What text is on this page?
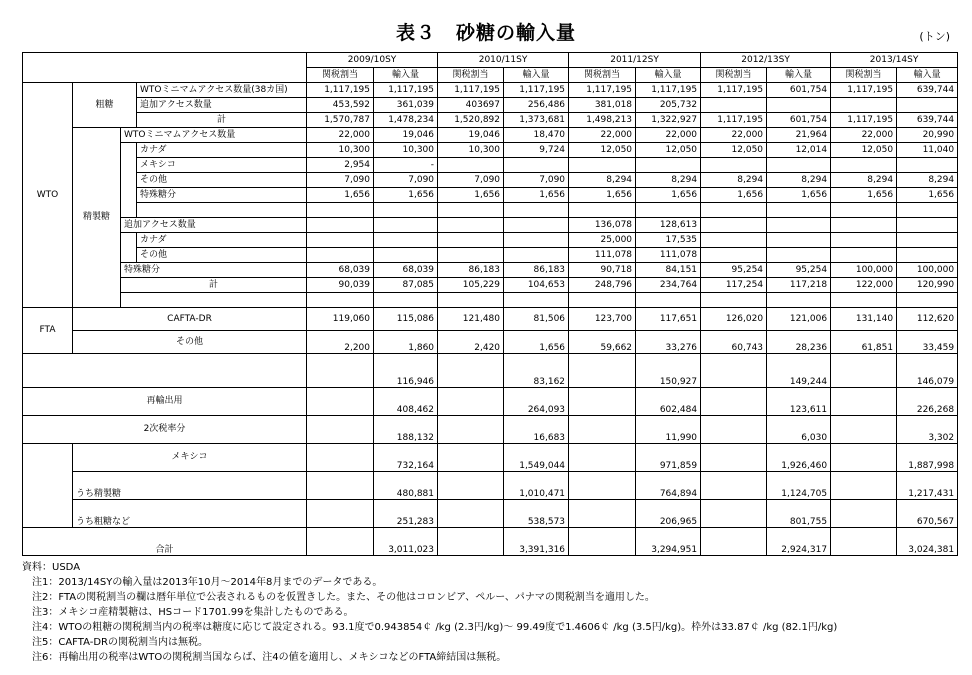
表３　砂糖の輸入量	(トン)
				2009/10SY		2010/11SY		2011/12SY		2012/13SY		2013/14SY	
				関税割当	輸入量	関税割当	輸入量	関税割当	輸入量	関税割当	輸入量	関税割当	輸入量
WTO	粗糖		WTOミニマムアクセス数量(38カ国)	1,117,195	1,117,195	1,117,195	1,117,195	1,117,195	1,117,195	1,117,195	601,754	1,117,195	639,744
			追加アクセス数量	453,592	361,039	403697	256,486	381,018	205,732				
			計	1,570,787	1,478,234	1,520,892	1,373,681	1,498,213	1,322,927	1,117,195	601,754	1,117,195	639,744
	精製糖	WTOミニマムアクセス数量		22,000	19,046	19,046	18,470	22,000	22,000	22,000	21,964	22,000	20,990
			カナダ	10,300	10,300	10,300	9,724	12,050	12,050	12,050	12,014	12,050	11,040
			メキシコ	2,954	-								
			その他	7,090	7,090	7,090	7,090	8,294	8,294	8,294	8,294	8,294	8,294
			特殊糖分	1,656	1,656	1,656	1,656	1,656	1,656	1,656	1,656	1,656	1,656

		追加アクセス数量						136,078	128,613				
			カナダ					25,000	17,535				
			その他					111,078	111,078				
		特殊糖分		68,039	68,039	86,183	86,183	90,718	84,151	95,254	95,254	100,000	100,000
		計		90,039	87,085	105,229	104,653	248,796	234,764	117,254	117,218	122,000	120,990

FTA	CAFTA-DR			119,060	115,086	121,480	81,506	123,700	117,651	126,020	121,006	131,140	112,620
	その他			2,200	1,860	2,420	1,656	59,662	33,276	60,743	28,236	61,851	33,459
					116,946		83,162		150,927		149,244		146,079
再輸出用					408,462		264,093		602,484		123,611		226,268
2次税率分					188,132		16,683		11,990		6,030		3,302
	メキシコ				732,164		1,549,044		971,859		1,926,460		1,887,998
	うち精製糖				480,881		1,010,471		764,894		1,124,705		1,217,431
	うち粗糖など				251,283		538,573		206,965		801,755		670,567
合計					3,011,023		3,391,316		3,294,951		2,924,317		3,024,381
資料：USDA
　注1：2013/14SYの輸入量は2013年10月～2014年8月までのデータである。
　注2：FTAの関税割当の欄は暦年単位で公表されるものを仮置きした。また、その他はコロンビア、ペルー、パナマの関税割当を適用した。
　注3：メキシコ産精製糖は、HSコード1701.99を集計したものである。
　注4：WTOの粗糖の関税割当内の税率は糖度に応じて設定される。93.1度で0.943854￠ /kg (2.3円/kg)～ 99.49度で1.4606￠ /kg (3.5円/kg)。枠外は33.87￠ /kg (82.1円/kg)
　注5：CAFTA-DRの関税割当内は無税。
　注6：再輸出用の税率はWTOの関税割当国ならば、注4の値を適用し、メキシコなどのFTA締結国は無税。
